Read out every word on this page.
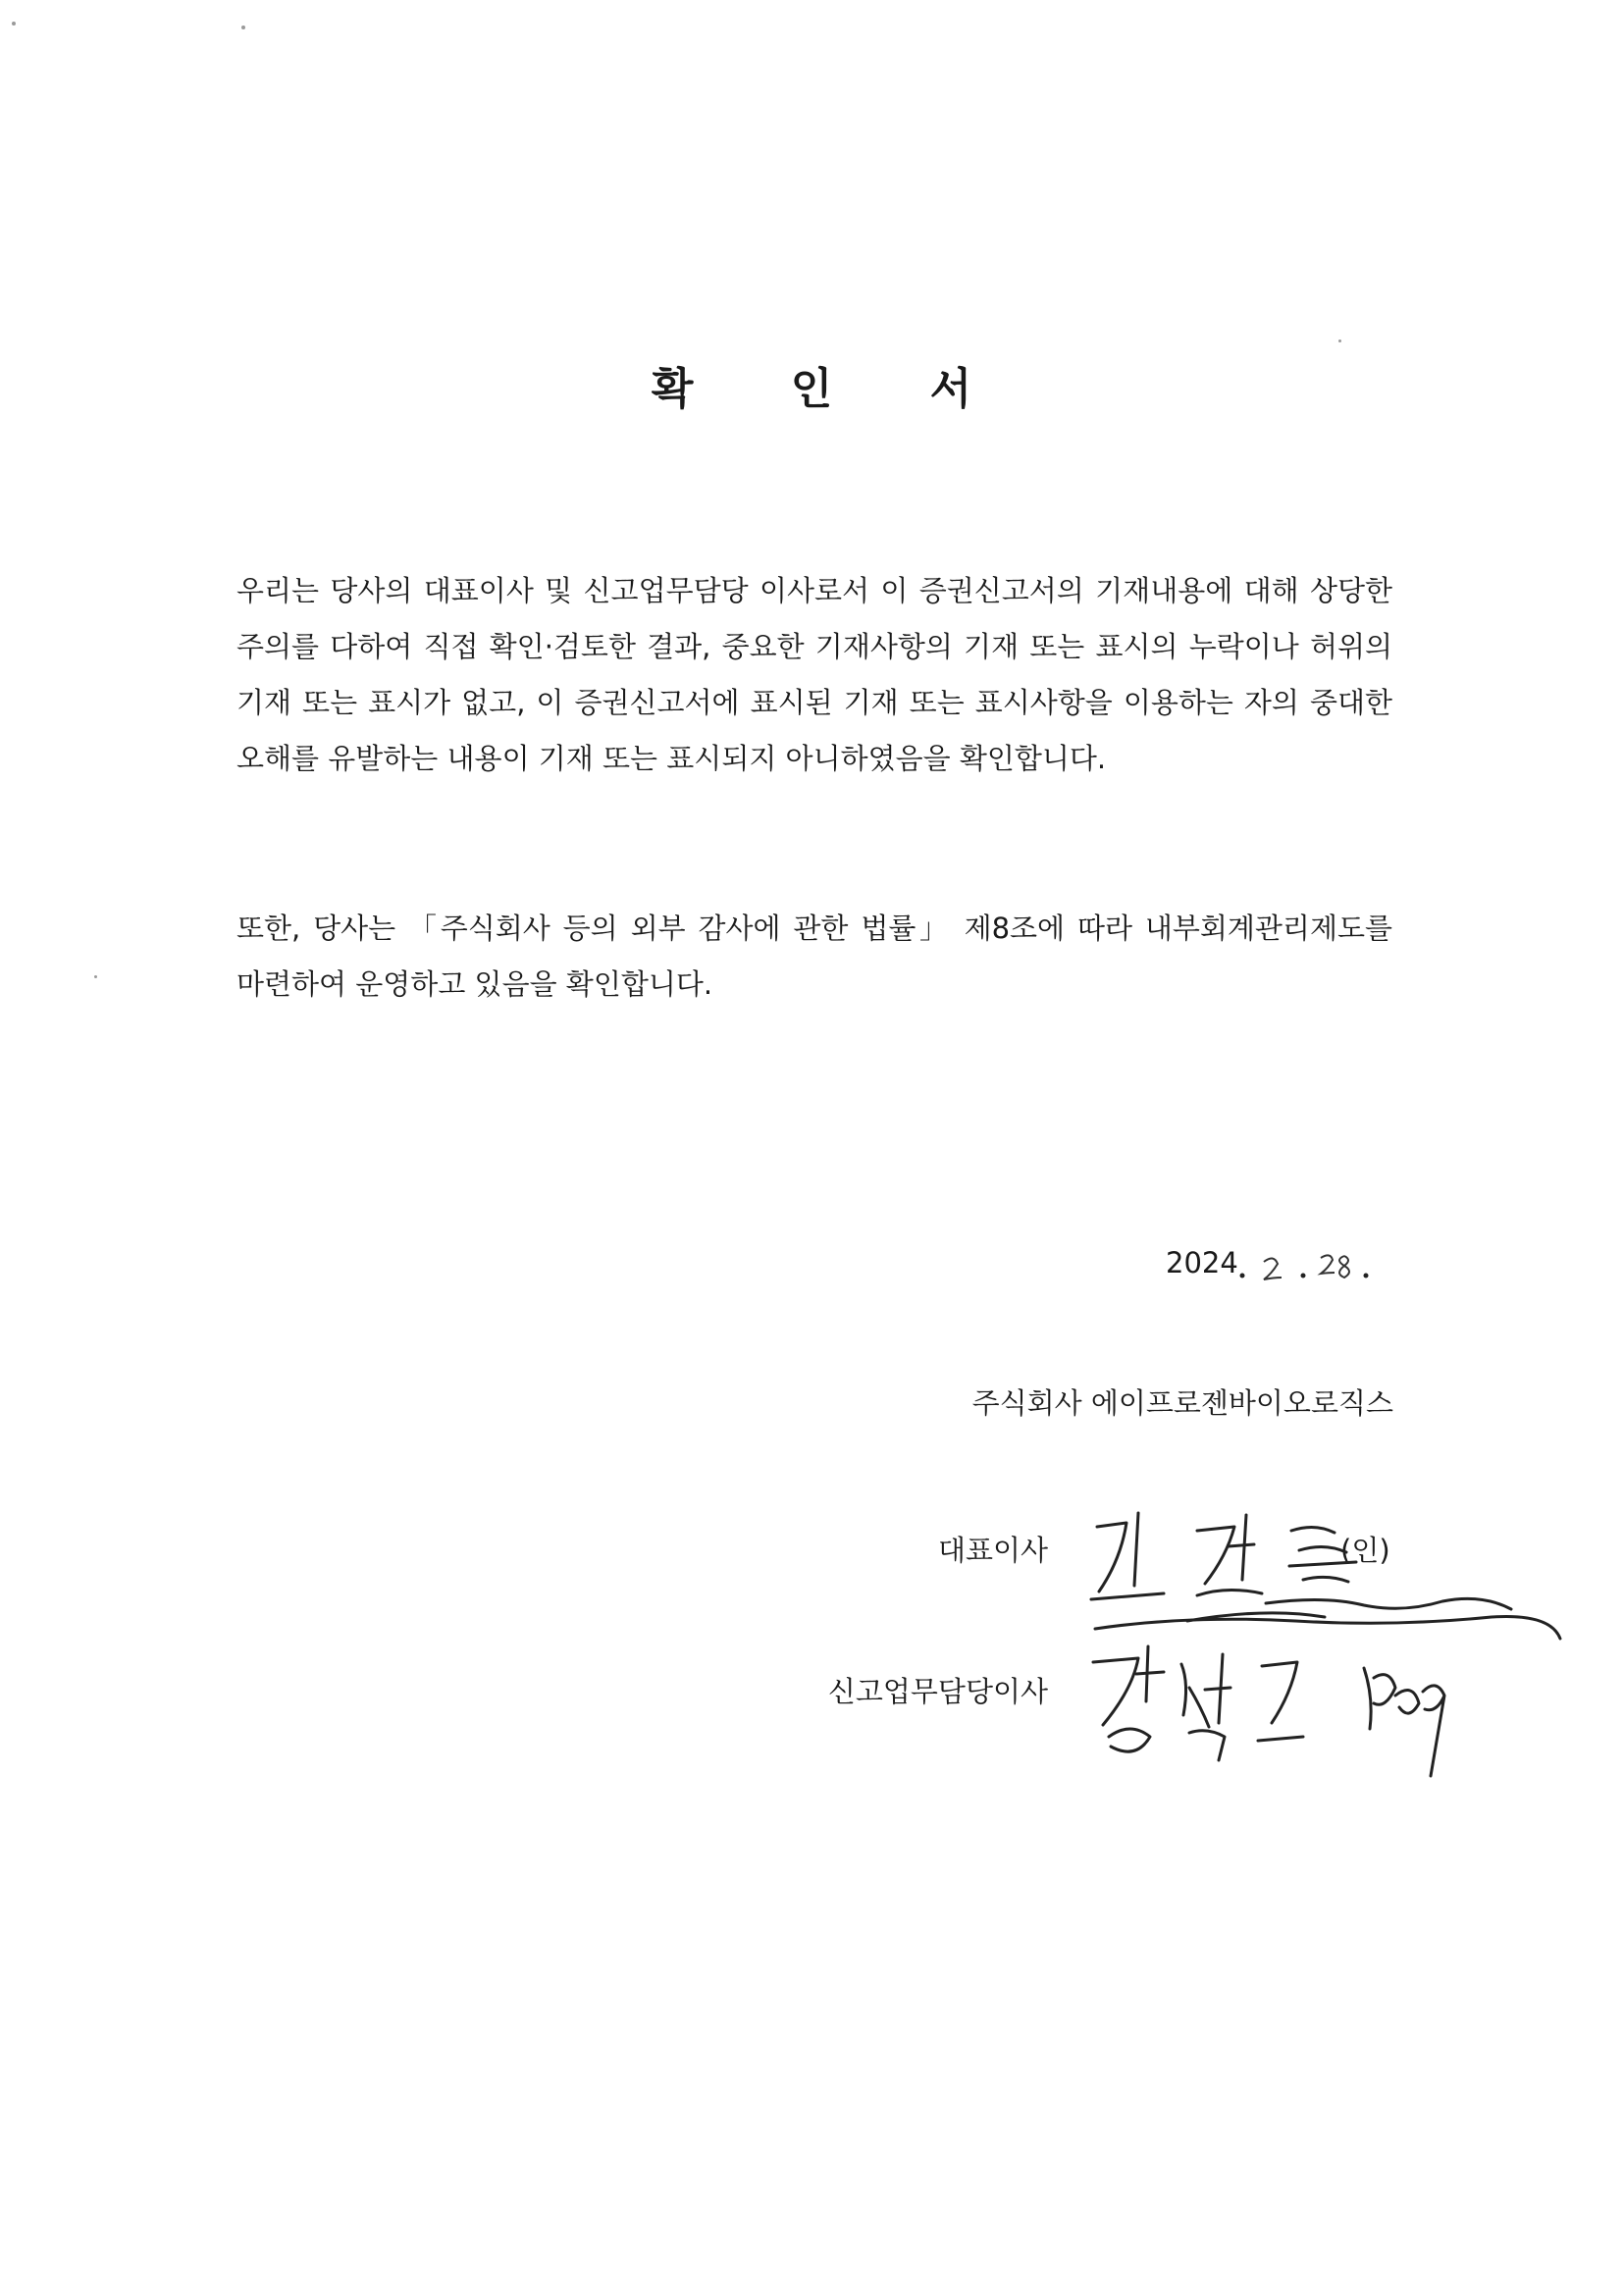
확 인 서

우리는 당사의 대표이사 및 신고업무담당 이사로서 이 증권신고서의 기재내용에 대해 상당한 주의를 다하여 직접 확인·검토한 결과, 중요한 기재사항의 기재 또는 표시의 누락이나 허위의 기재 또는 표시가 없고, 이 증권신고서에 표시된 기재 또는 표시사항을 이용하는 자의 중대한 오해를 유발하는 내용이 기재 또는 표시되지 아니하였음을 확인합니다.

또한, 당사는 「주식회사 등의 외부 감사에 관한 법률」 제8조에 따라 내부회계관리제도를 마련하여 운영하고 있음을 확인합니다.

2024
주식회사 에이프로젠바이오로직스
대표이사	(인)
신고업무담당이사
